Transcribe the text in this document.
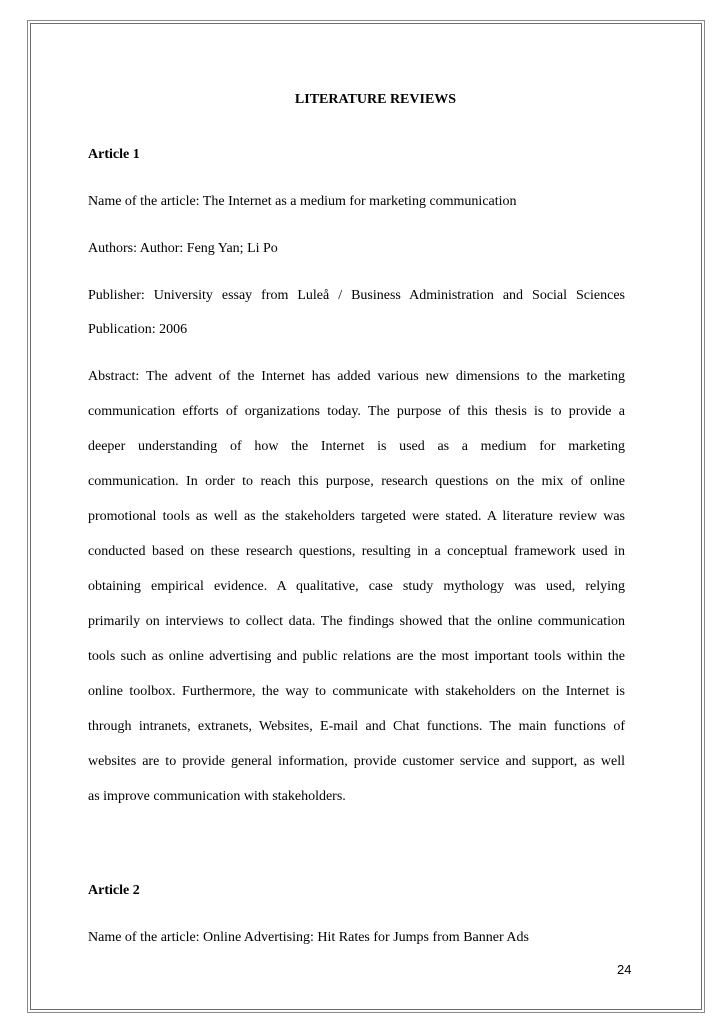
LITERATURE REVIEWS
Article 1
Name of the article: The Internet as a medium for marketing communication
Authors: Author: Feng Yan; Li Po
Publisher: University essay from Luleå / Business Administration and Social Sciences
Publication: 2006
Abstract: The advent of the Internet has added various new dimensions to the marketing
communication efforts of organizations today. The purpose of this thesis is to provide a
deeper understanding of how the Internet is used as a medium for marketing
communication. In order to reach this purpose, research questions on the mix of online
promotional tools as well as the stakeholders targeted were stated. A literature review was
conducted based on these research questions, resulting in a conceptual framework used in
obtaining empirical evidence. A qualitative, case study mythology was used, relying
primarily on interviews to collect data. The findings showed that the online communication
tools such as online advertising and public relations are the most important tools within the
online toolbox. Furthermore, the way to communicate with stakeholders on the Internet is
through intranets, extranets, Websites, E-mail and Chat functions. The main functions of
websites are to provide general information, provide customer service and support, as well
as improve communication with stakeholders.
Article 2
Name of the article: Online Advertising: Hit Rates for Jumps from Banner Ads
24
